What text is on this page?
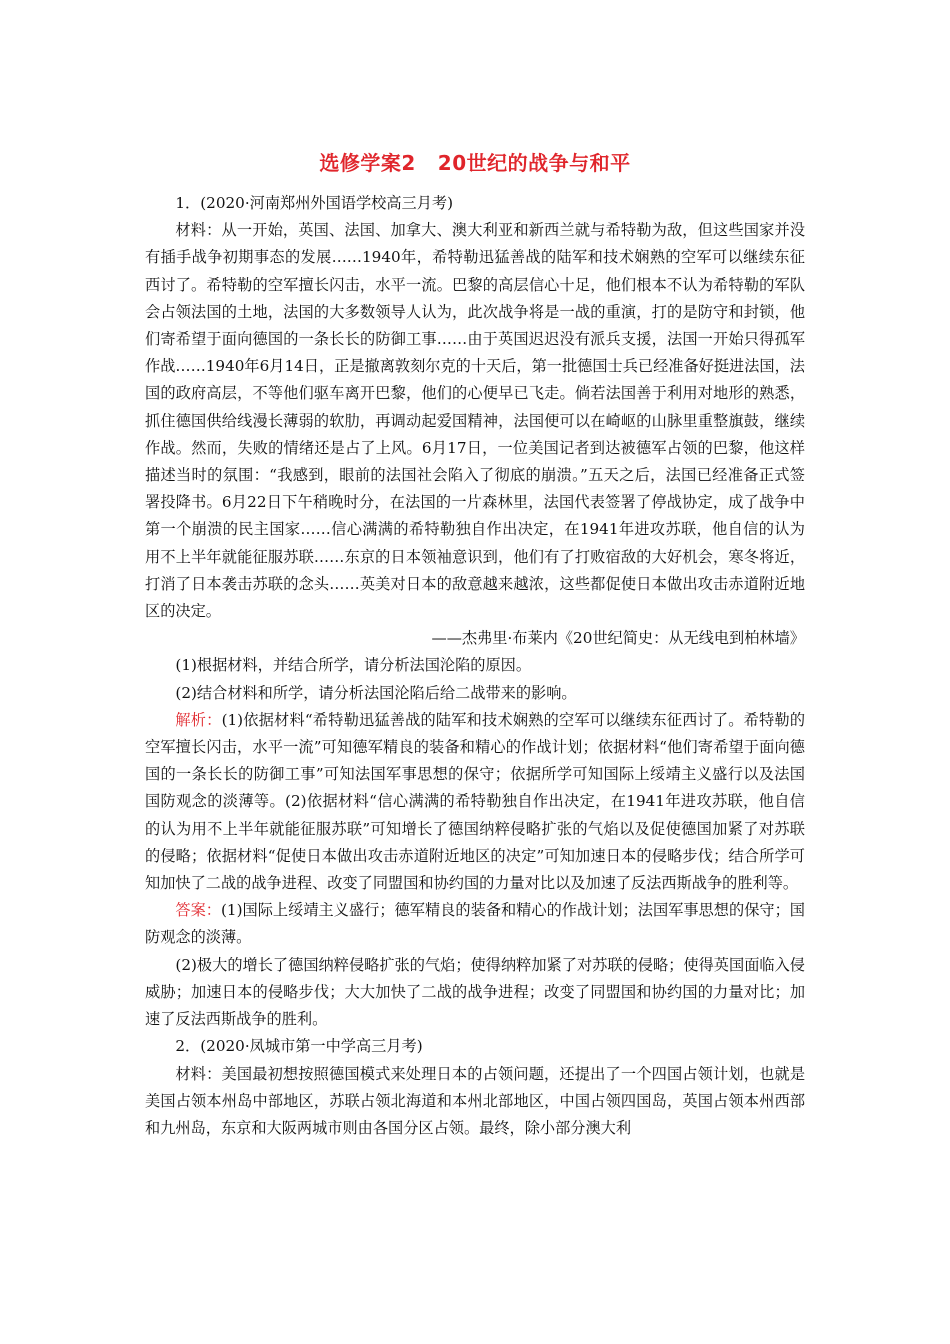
选修学案2 20世纪的战争与和平

1．(2020·河南郑州外国语学校高三月考)

材料：从一开始，英国、法国、加拿大、澳大利亚和新西兰就与希特勒为敌，但这些国家并没有插手战争初期事态的发展……1940年，希特勒迅猛善战的陆军和技术娴熟的空军可以继续东征西讨了。希特勒的空军擅长闪击，水平一流。巴黎的高层信心十足，他们根本不认为希特勒的军队会占领法国的土地，法国的大多数领导人认为，此次战争将是一战的重演，打的是防守和封锁，他们寄希望于面向德国的一条长长的防御工事……由于英国迟迟没有派兵支援，法国一开始只得孤军作战……1940年6月14日，正是撤离敦刻尔克的十天后，第一批德国士兵已经准备好挺进法国，法国的政府高层，不等他们驱车离开巴黎，他们的心便早已飞走。倘若法国善于利用对地形的熟悉，抓住德国供给线漫长薄弱的软肋，再调动起爱国精神，法国便可以在崎岖的山脉里重整旗鼓，继续作战。然而，失败的情绪还是占了上风。6月17日，一位美国记者到达被德军占领的巴黎，他这样描述当时的氛围：“我感到，眼前的法国社会陷入了彻底的崩溃。”五天之后，法国已经准备正式签署投降书。6月22日下午稍晚时分，在法国的一片森林里，法国代表签署了停战协定，成了战争中第一个崩溃的民主国家……信心满满的希特勒独自作出决定，在1941年进攻苏联，他自信的认为用不上半年就能征服苏联……东京的日本领袖意识到，他们有了打败宿敌的大好机会，寒冬将近，打消了日本袭击苏联的念头……英美对日本的敌意越来越浓，这些都促使日本做出攻击赤道附近地区的决定。

——杰弗里·布莱内《20世纪简史：从无线电到柏林墙》

(1)根据材料，并结合所学，请分析法国沦陷的原因。

(2)结合材料和所学，请分析法国沦陷后给二战带来的影响。

解析：(1)依据材料“希特勒迅猛善战的陆军和技术娴熟的空军可以继续东征西讨了。希特勒的空军擅长闪击，水平一流”可知德军精良的装备和精心的作战计划；依据材料“他们寄希望于面向德国的一条长长的防御工事”可知法国军事思想的保守；依据所学可知国际上绥靖主义盛行以及法国国防观念的淡薄等。(2)依据材料“信心满满的希特勒独自作出决定，在1941年进攻苏联，他自信的认为用不上半年就能征服苏联”可知增长了德国纳粹侵略扩张的气焰以及促使德国加紧了对苏联的侵略；依据材料“促使日本做出攻击赤道附近地区的决定”可知加速日本的侵略步伐；结合所学可知加快了二战的战争进程、改变了同盟国和协约国的力量对比以及加速了反法西斯战争的胜利等。

答案：(1)国际上绥靖主义盛行；德军精良的装备和精心的作战计划；法国军事思想的保守；国防观念的淡薄。

(2)极大的增长了德国纳粹侵略扩张的气焰；使得纳粹加紧了对苏联的侵略；使得英国面临入侵威胁；加速日本的侵略步伐；大大加快了二战的战争进程；改变了同盟国和协约国的力量对比；加速了反法西斯战争的胜利。

2．(2020·凤城市第一中学高三月考)

材料：美国最初想按照德国模式来处理日本的占领问题，还提出了一个四国占领计划，也就是美国占领本州岛中部地区，苏联占领北海道和本州北部地区，中国占领四国岛，英国占领本州西部和九州岛，东京和大阪两城市则由各国分区占领。最终，除小部分澳大利
